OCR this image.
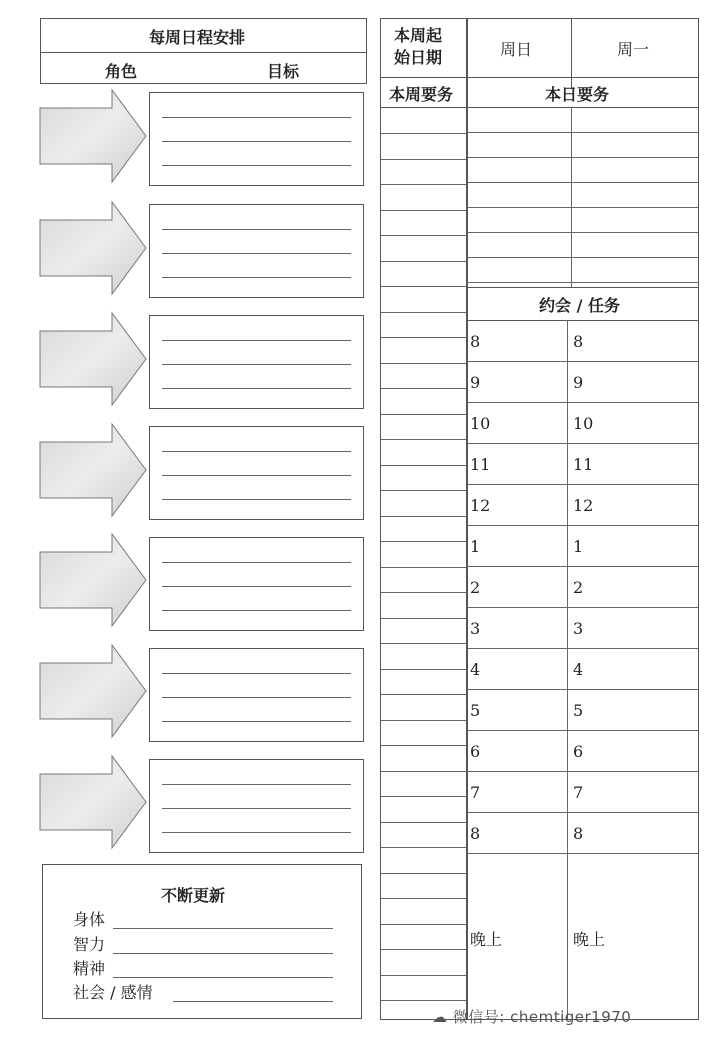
每周日程安排
角色	目标
不断更新
身体
智力
精神
社会 / 感情
本周起始日期
本周要务
周日	周一
本日要务
约会 / 任务
8	8
9	9
10	10
11	11
12	12
1	1
2	2
3	3
4	4
5	5
6	6
7	7
8	8
晚上	晚上
☁ 微信号: chemtiger1970
